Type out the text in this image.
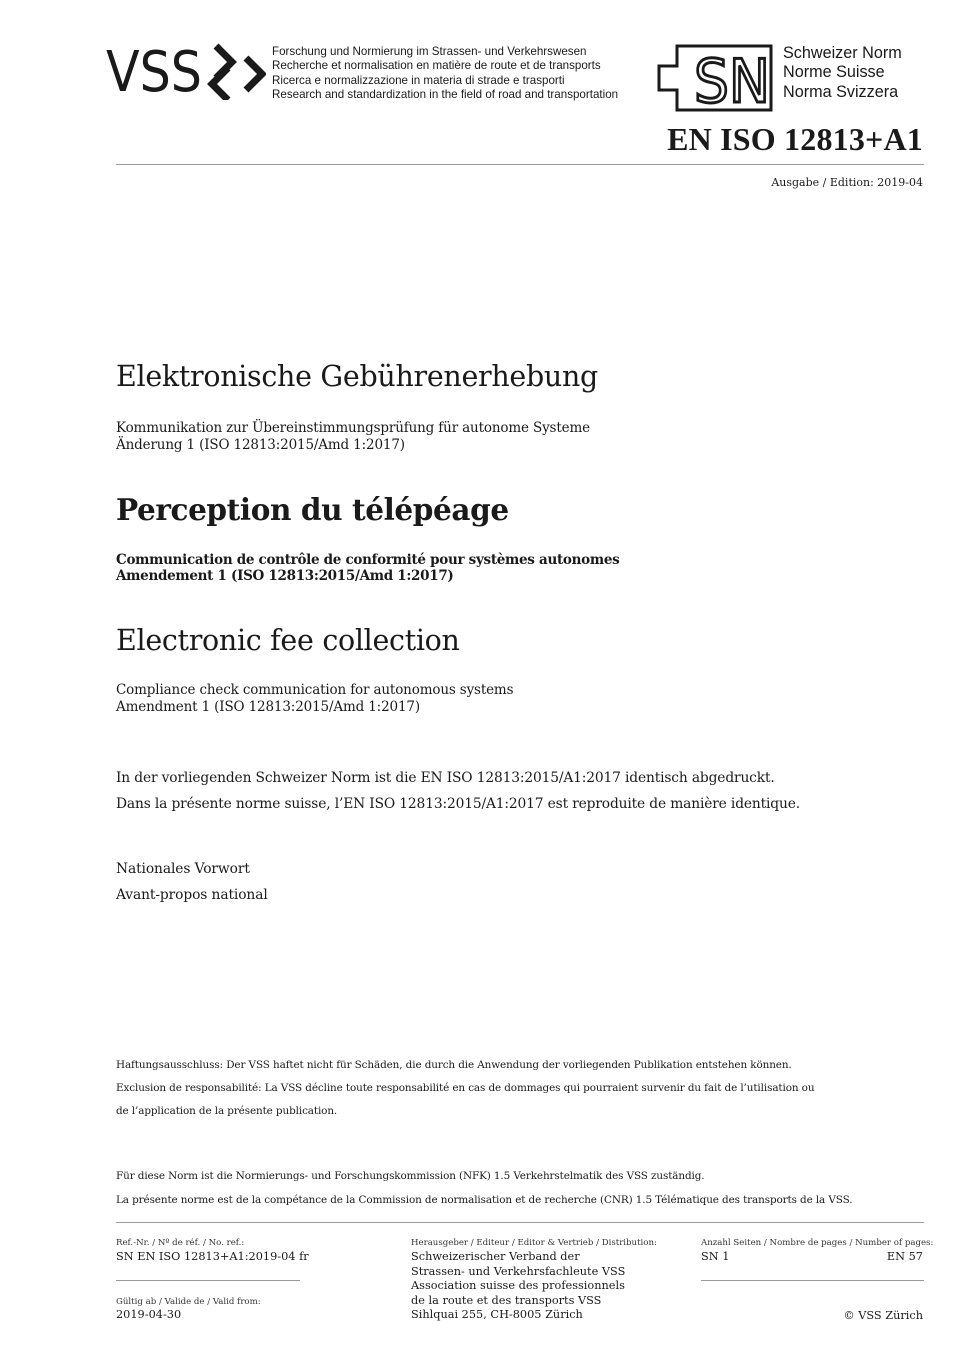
VSS	Forschung und Normierung im Strassen- und Verkehrswesen
Recherche et normalisation en matière de route et de transports
Ricerca e normalizzazione in materia di strade e trasporti
Research and standardization in the field of road and transportation SN Schweizer Norm
Norme Suisse
Norma Svizzera
EN ISO 12813+A1
Ausgabe / Edition: 2019-04
Elektronische Gebührenerhebung
Kommunikation zur Übereinstimmungsprüfung für autonome Systeme
Änderung 1 (ISO 12813:2015/Amd 1:2017)
Perception du télépéage
Communication de contrôle de conformité pour systèmes autonomes
Amendement 1 (ISO 12813:2015/Amd 1:2017)
Electronic fee collection
Compliance check communication for autonomous systems
Amendment 1 (ISO 12813:2015/Amd 1:2017)
In der vorliegenden Schweizer Norm ist die EN ISO 12813:2015/A1:2017 identisch abgedruckt.
Dans la présente norme suisse, l’EN ISO 12813:2015/A1:2017 est reproduite de manière identique.
Nationales Vorwort
Avant-propos national
Haftungsausschluss: Der VSS haftet nicht für Schäden, die durch die Anwendung der vorliegenden Publikation entstehen können.
Exclusion de responsabilité: La VSS décline toute responsabilité en cas de dommages qui pourraient survenir du fait de l’utilisation ou
de l’application de la présente publication.
Für diese Norm ist die Normierungs- und Forschungskommission (NFK) 1.5 Verkehrstelmatik des VSS zuständig.
La présente norme est de la compétance de la Commission de normalisation et de recherche (CNR) 1.5 Télématique des transports de la VSS.
Ref.-Nr. / Nº de réf. / No. ref.:
SN EN ISO 12813+A1:2019-04 fr
Gültig ab / Valide de / Valid from:
2019-04-30
Herausgeber / Editeur / Editor & Vertrieb / Distribution:
Schweizerischer Verband der
Strassen- und Verkehrsfachleute VSS
Association suisse des professionnels
de la route et des transports VSS
Sihlquai 255, CH-8005 Zürich
Anzahl Seiten / Nombre de pages / Number of pages:
SN 1	EN 57
© VSS Zürich
